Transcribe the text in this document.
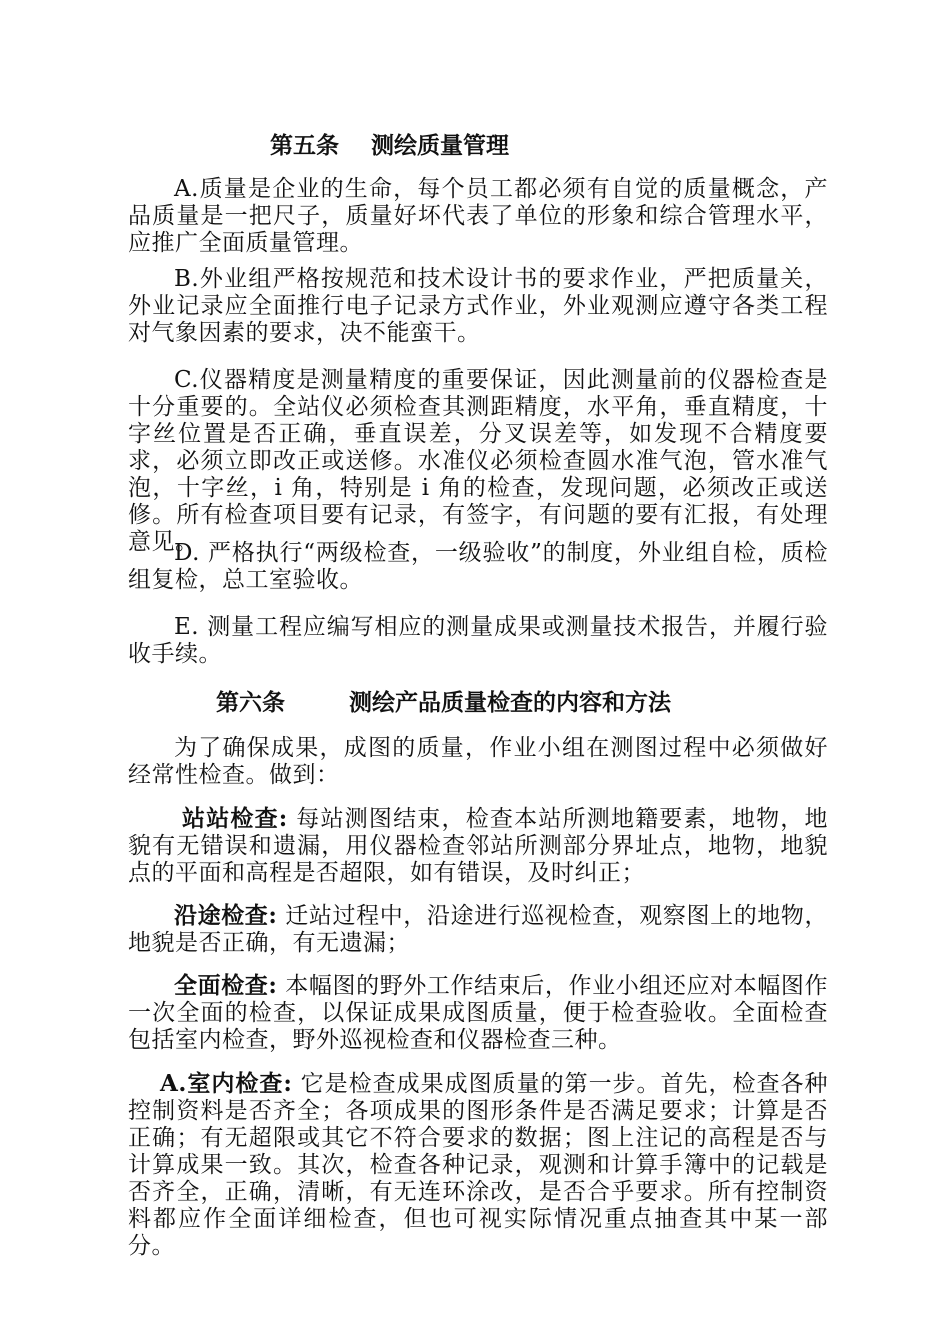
第五条    测绘质量管理

A.质量是企业的生命，每个员工都必须有自觉的质量概念，产品质量是一把尺子，质量好坏代表了单位的形象和综合管理水平，应推广全面质量管理。

B.外业组严格按规范和技术设计书的要求作业，严把质量关，外业记录应全面推行电子记录方式作业，外业观测应遵守各类工程对气象因素的要求，决不能蛮干。

C.仪器精度是测量精度的重要保证，因此测量前的仪器检查是十分重要的。全站仪必须检查其测距精度，水平角，垂直精度，十字丝位置是否正确，垂直误差，分叉误差等，如发现不合精度要求，必须立即改正或送修。水准仪必须检查圆水准气泡，管水准气泡，十字丝，i 角，特别是 i 角的检查，发现问题，必须改正或送修。所有检查项目要有记录，有签字，有问题的要有汇报，有处理意见。

D. 严格执行“两级检查，一级验收”的制度，外业组自检，质检组复检，总工室验收。

E. 测量工程应编写相应的测量成果或测量技术报告，并履行验收手续。

第六条        测绘产品质量检查的内容和方法

为了确保成果，成图的质量，作业小组在测图过程中必须做好经常性检查。做到：

站站检查: 每站测图结束，检查本站所测地籍要素，地物，地貌有无错误和遗漏，用仪器检查邻站所测部分界址点，地物，地貌点的平面和高程是否超限，如有错误，及时纠正；

沿途检查: 迁站过程中，沿途进行巡视检查，观察图上的地物，地貌是否正确，有无遗漏；

全面检查: 本幅图的野外工作结束后，作业小组还应对本幅图作一次全面的检查，以保证成果成图质量，便于检查验收。全面检查包括室内检查，野外巡视检查和仪器检查三种。

A.室内检查: 它是检查成果成图质量的第一步。首先，检查各种控制资料是否齐全；各项成果的图形条件是否满足要求；计算是否正确；有无超限或其它不符合要求的数据；图上注记的高程是否与计算成果一致。其次，检查各种记录，观测和计算手簿中的记载是否齐全，正确，清晰，有无连环涂改，是否合乎要求。所有控制资料都应作全面详细检查，但也可视实际情况重点抽查其中某一部分。
